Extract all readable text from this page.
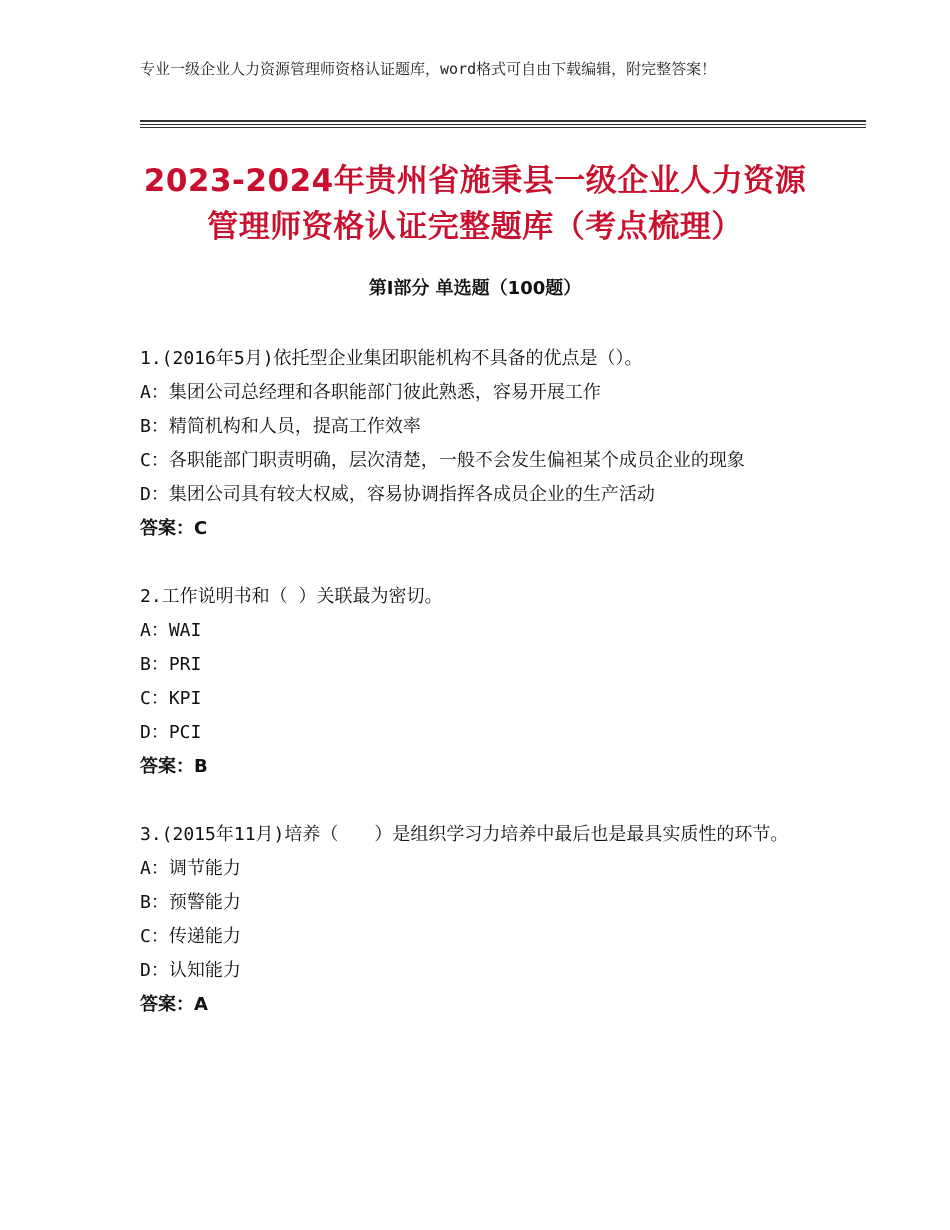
专业一级企业人力资源管理师资格认证题库，word格式可自由下载编辑，附完整答案！
2023-2024年贵州省施秉县一级企业人力资源管理师资格认证完整题库（考点梳理）
第Ⅰ部分 单选题（100题）
1.(2016年5月)依托型企业集团职能机构不具备的优点是（）。
A：集团公司总经理和各职能部门彼此熟悉，容易开展工作
B：精简机构和人员，提高工作效率
C：各职能部门职责明确，层次清楚，一般不会发生偏袒某个成员企业的现象
D：集团公司具有较大权威，容易协调指挥各成员企业的生产活动
答案：C
2.工作说明书和（ ）关联最为密切。
A：WAI
B：PRI
C：KPI
D：PCI
答案：B
3.(2015年11月)培养（　　）是组织学习力培养中最后也是最具实质性的环节。
A：调节能力
B：预警能力
C：传递能力
D：认知能力
答案：A
